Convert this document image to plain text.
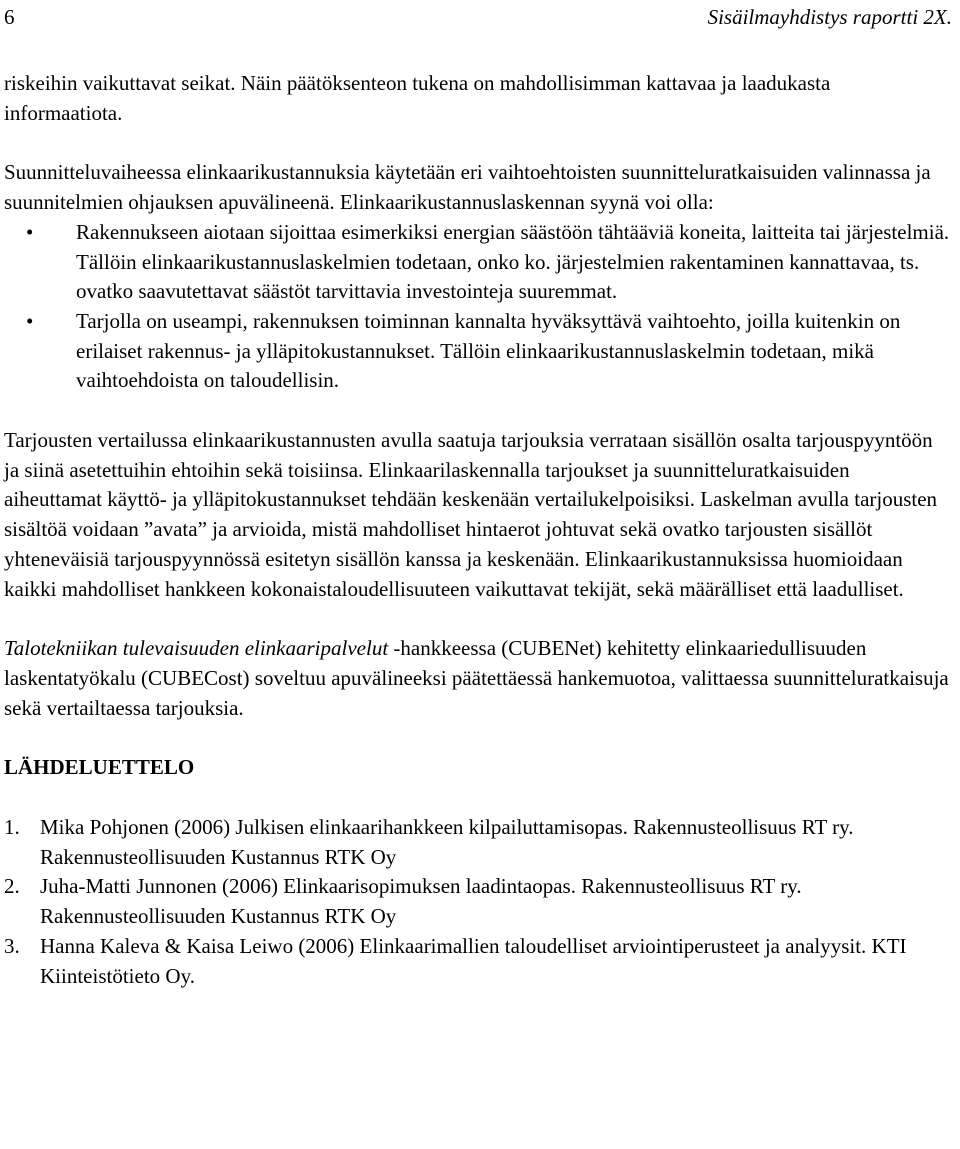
6	Sisäilmayhdistys raportti 2X.

riskeihin vaikuttavat seikat. Näin päätöksenteon tukena on mahdollisimman kattavaa ja laadukasta informaatiota.

Suunnitteluvaiheessa elinkaarikustannuksia käytetään eri vaihtoehtoisten suunnitteluratkaisuiden valinnassa ja suunnitelmien ohjauksen apuvälineenä. Elinkaarikustannuslaskennan syynä voi olla:

• Rakennukseen aiotaan sijoittaa esimerkiksi energian säästöön tähtääviä koneita, laitteita tai järjestelmiä. Tällöin elinkaarikustannuslaskelmien todetaan, onko ko. järjestelmien rakentaminen kannattavaa, ts. ovatko saavutettavat säästöt tarvittavia investointeja suuremmat.
• Tarjolla on useampi, rakennuksen toiminnan kannalta hyväksyttävä vaihtoehto, joilla kuitenkin on erilaiset rakennus- ja ylläpitokustannukset. Tällöin elinkaarikustannuslaskelmin todetaan, mikä vaihtoehdoista on taloudellisin.

Tarjousten vertailussa elinkaarikustannusten avulla saatuja tarjouksia verrataan sisällön osalta tarjouspyyntöön ja siinä asetettuihin ehtoihin sekä toisiinsa. Elinkaarilaskennalla tarjoukset ja suunnitteluratkaisuiden aiheuttamat käyttö- ja ylläpitokustannukset tehdään keskenään vertailukelpoisiksi. Laskelman avulla tarjousten sisältöä voidaan ”avata” ja arvioida, mistä mahdolliset hintaerot johtuvat sekä ovatko tarjousten sisällöt yhteneväisiä tarjouspyynnössä esitetyn sisällön kanssa ja keskenään. Elinkaarikustannuksissa huomioidaan kaikki mahdolliset hankkeen kokonaistaloudellisuuteen vaikuttavat tekijät, sekä määrälliset että laadulliset.

Talotekniikan tulevaisuuden elinkaaripalvelut -hankkeessa (CUBENet) kehitetty elinkaariedullisuuden laskentatyökalu (CUBECost) soveltuu apuvälineeksi päätettäessä hankemuotoa, valittaessa suunnitteluratkaisuja sekä vertailtaessa tarjouksia.

LÄHDELUETTELO
1. Mika Pohjonen (2006) Julkisen elinkaarihankkeen kilpailuttamisopas. Rakennusteollisuus RT ry. Rakennusteollisuuden Kustannus RTK Oy
2. Juha-Matti Junnonen (2006) Elinkaarisopimuksen laadintaopas. Rakennusteollisuus RT ry. Rakennusteollisuuden Kustannus RTK Oy
3. Hanna Kaleva & Kaisa Leiwo (2006) Elinkaarimallien taloudelliset arviointiperusteet ja analyysit. KTI Kiinteistötieto Oy.
